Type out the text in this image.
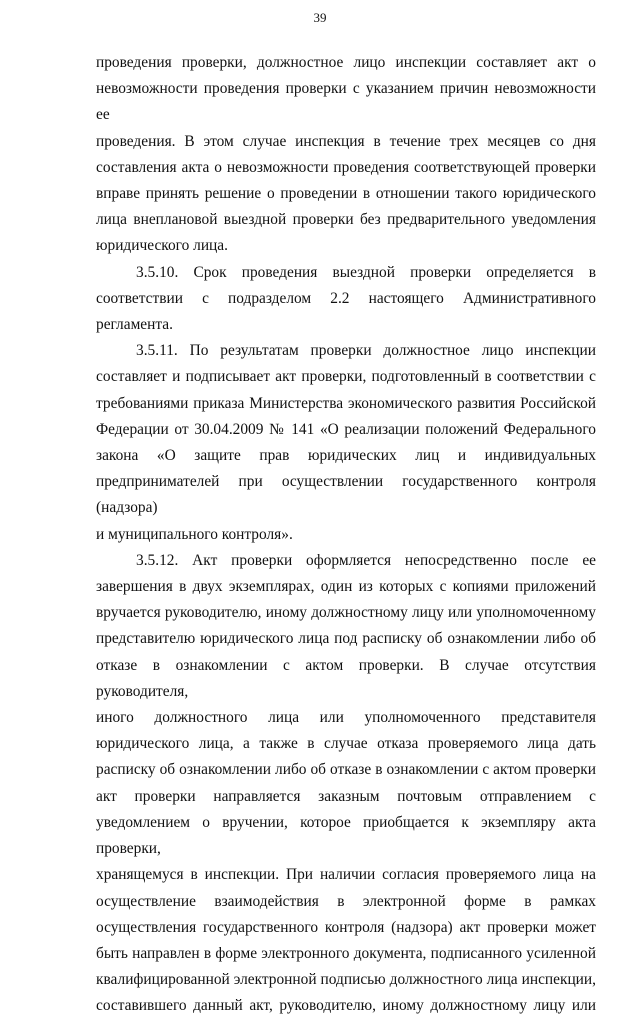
39

проведения проверки, должностное лицо инспекции составляет акт о

невозможности проведения проверки с указанием причин невозможности ее

проведения. В этом случае инспекция в течение трех месяцев со дня

составления акта о невозможности проведения соответствующей проверки

вправе принять решение о проведении в отношении такого юридического

лица внеплановой выездной проверки без предварительного уведомления

юридического лица.

3.5.10. Срок проведения выездной проверки определяется в

соответствии с подразделом 2.2 настоящего Административного регламента.

3.5.11. По результатам проверки должностное лицо инспекции

составляет и подписывает акт проверки, подготовленный в соответствии с

требованиями приказа Министерства экономического развития Российской

Федерации от 30.04.2009 № 141 «О реализации положений Федерального

закона «О защите прав юридических лиц и индивидуальных

предпринимателей при осуществлении государственного контроля (надзора)

и муниципального контроля».

3.5.12. Акт проверки оформляется непосредственно после ее

завершения в двух экземплярах, один из которых с копиями приложений

вручается руководителю, иному должностному лицу или уполномоченному

представителю юридического лица под расписку об ознакомлении либо об

отказе в ознакомлении с актом проверки. В случае отсутствия руководителя,

иного должностного лица или уполномоченного представителя

юридического лица, а также в случае отказа проверяемого лица дать

расписку об ознакомлении либо об отказе в ознакомлении с актом проверки

акт проверки направляется заказным почтовым отправлением с

уведомлением о вручении, которое приобщается к экземпляру акта проверки,

хранящемуся в инспекции. При наличии согласия проверяемого лица на

осуществление взаимодействия в электронной форме в рамках

осуществления государственного контроля (надзора) акт проверки может

быть направлен в форме электронного документа, подписанного усиленной

квалифицированной электронной подписью должностного лица инспекции,

составившего данный акт, руководителю, иному должностному лицу или
